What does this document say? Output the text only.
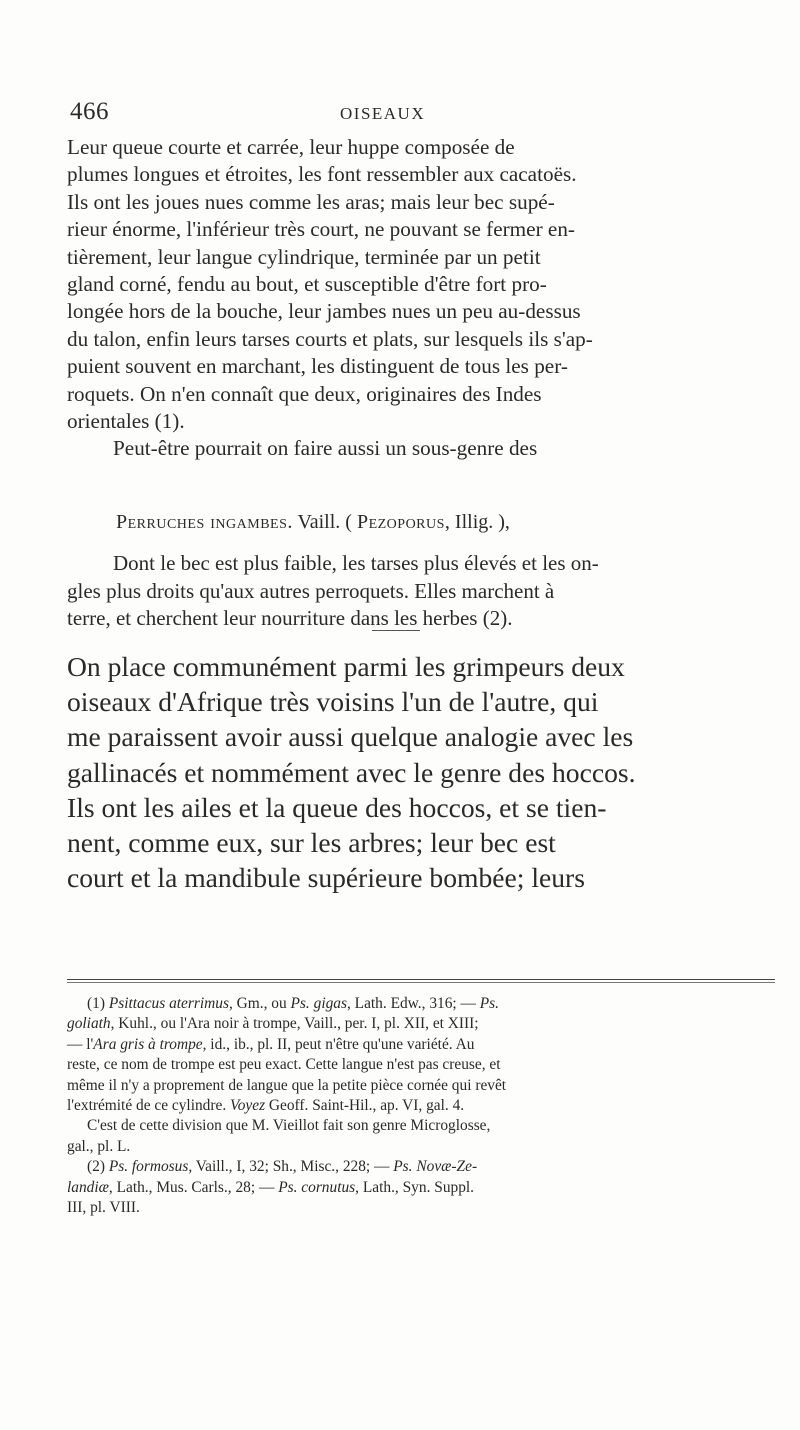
466	OISEAUX
Leur queue courte et carrée, leur huppe composée de
plumes longues et étroites, les font ressembler aux cacatoës.
Ils ont les joues nues comme les aras; mais leur bec supé-
rieur énorme, l'inférieur très court, ne pouvant se fermer en-
tièrement, leur langue cylindrique, terminée par un petit
gland corné, fendu au bout, et susceptible d'être fort pro-
longée hors de la bouche, leur jambes nues un peu au-dessus
du talon, enfin leurs tarses courts et plats, sur lesquels ils s'ap-
puient souvent en marchant, les distinguent de tous les per-
roquets. On n'en connaît que deux, originaires des Indes
orientales (1).
Peut-être pourrait on faire aussi un sous-genre des
Perruches ingambes. Vaill. ( Pezoporus, Illig. ),
Dont le bec est plus faible, les tarses plus élevés et les on-
gles plus droits qu'aux autres perroquets. Elles marchent à
terre, et cherchent leur nourriture dans les herbes (2).
On place communément parmi les grimpeurs deux
oiseaux d'Afrique très voisins l'un de l'autre, qui
me paraissent avoir aussi quelque analogie avec les
gallinacés et nommément avec le genre des hoccos.
Ils ont les ailes et la queue des hoccos, et se tien-
nent, comme eux, sur les arbres; leur bec est
court et la mandibule supérieure bombée; leurs
(1) Psittacus aterrimus, Gm., ou Ps. gigas, Lath. Edw., 316; — Ps.
goliath, Kuhl., ou l'Ara noir à trompe, Vaill., per. I, pl. XII, et XIII;
— l'Ara gris à trompe, id., ib., pl. II, peut n'être qu'une variété. Au
reste, ce nom de trompe est peu exact. Cette langue n'est pas creuse, et
même il n'y a proprement de langue que la petite pièce cornée qui revêt
l'extrémité de ce cylindre. Voyez Geoff. Saint-Hil., ap. VI, gal. 4.
C'est de cette division que M. Vieillot fait son genre Microglosse,
gal., pl. L.
(2) Ps. formosus, Vaill., I, 32; Sh., Misc., 228; — Ps. Novæ-Ze-
landiæ, Lath., Mus. Carls., 28; — Ps. cornutus, Lath., Syn. Suppl.
III, pl. VIII.
